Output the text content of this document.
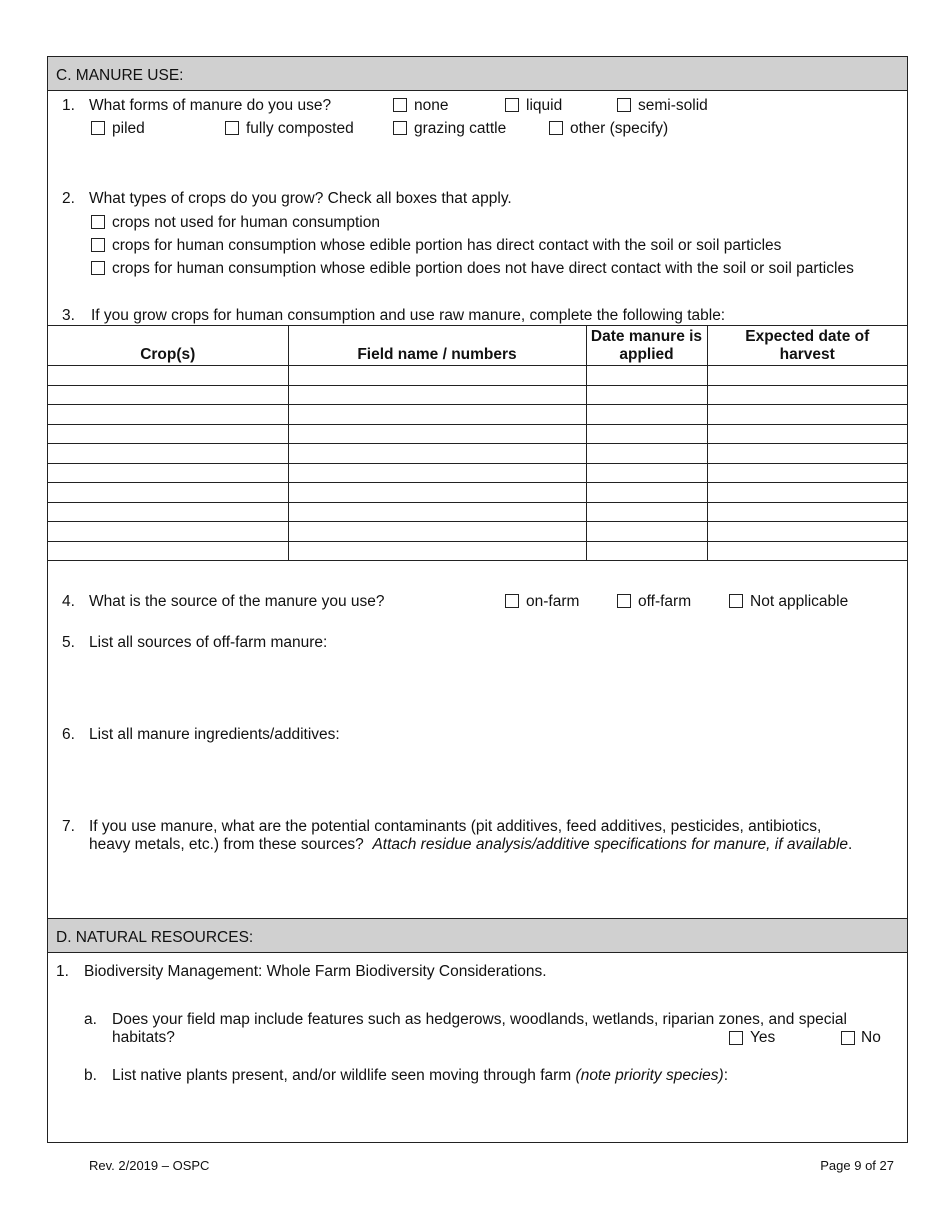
C. MANURE USE:
1. What forms of manure do you use?	none	liquid	semi-solid
piled	fully composted	grazing cattle	other (specify)
2. What types of crops do you grow? Check all boxes that apply.
crops not used for human consumption
crops for human consumption whose edible portion has direct contact with the soil or soil particles
crops for human consumption whose edible portion does not have direct contact with the soil or soil particles
3. If you grow crops for human consumption and use raw manure, complete the following table:
Crop(s)	Field name / numbers	Date manure is applied	Expected date of harvest

4. What is the source of the manure you use?	on-farm	off-farm	Not applicable
5. List all sources of off-farm manure:
6. List all manure ingredients/additives:
7. If you use manure, what are the potential contaminants (pit additives, feed additives, pesticides, antibiotics,
heavy metals, etc.) from these sources? Attach residue analysis/additive specifications for manure, if available.
D. NATURAL RESOURCES:
1. Biodiversity Management: Whole Farm Biodiversity Considerations.
a. Does your field map include features such as hedgerows, woodlands, wetlands, riparian zones, and special
habitats?	Yes	No
b. List native plants present, and/or wildlife seen moving through farm (note priority species):
Rev. 2/2019 – OSPC	Page 9 of 27
